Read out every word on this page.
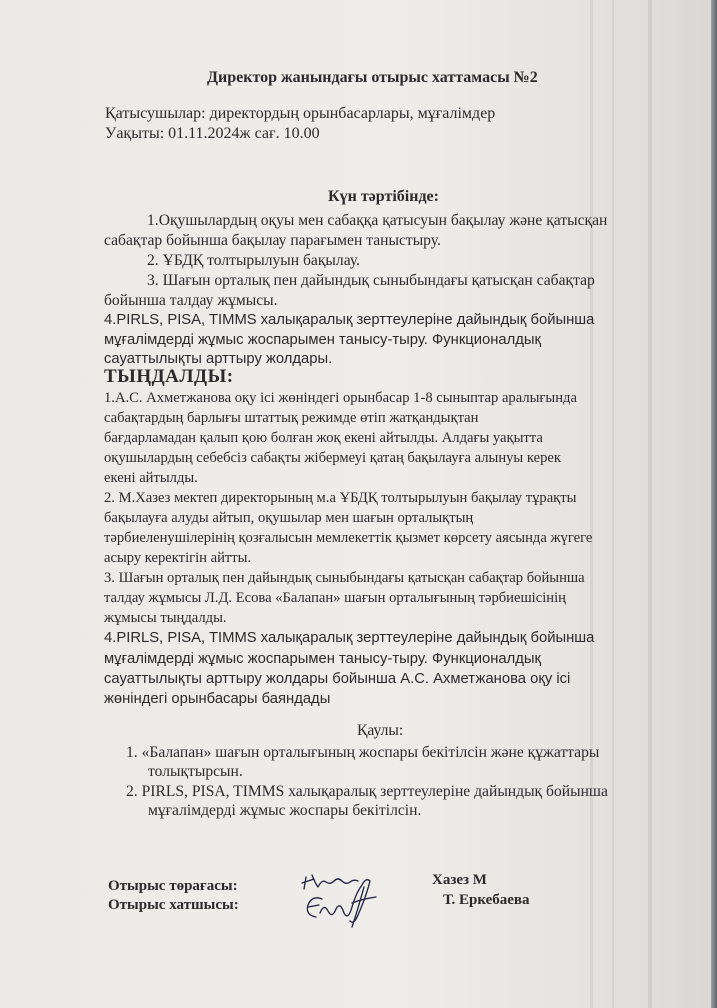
Директор жанындағы отырыс хаттамасы №2
Қатысушылар: директордың орынбасарлары, мұғалімдер
Уақыты: 01.11.2024ж сағ. 10.00
Күн тәртібінде:
1.Оқушылардың оқуы мен сабаққа қатысуын бақылау және қатысқан
сабақтар бойынша бақылау парағымен таныстыру.
2. ҰБДҚ толтырылуын бақылау.
3. Шағын орталық пен дайындық сыныбындағы қатысқан сабақтар
бойынша талдау жұмысы.
4.PIRLS, PISA, TIMMS халықаралық зерттеулеріне дайындық бойынша
мұғалімдерді жұмыс жоспарымен танысу-тыру. Функционалдық
сауаттылықты арттыру жолдары.
ТЫҢДАЛДЫ:
1.А.С. Ахметжанова оқу ісі жөніндегі орынбасар 1-8 сыныптар аралығында
сабақтардың барлығы штаттық режимде өтіп жатқандықтан
бағдарламадан қалып қою болған жоқ екені айтылды. Алдағы уақытта
оқушылардың себебсіз сабақты жібермеуі қатаң бақылауға алынуы керек
екені айтылды.
2. М.Хазез мектеп директорының м.а ҰБДҚ толтырылуын бақылау тұрақты
бақылауға алуды айтып, оқушылар мен шағын орталықтың
тәрбиеленушілерінің қозғалысын мемлекеттік қызмет көрсету аясында жүгеге
асыру керектігін айтты.
3. Шағын орталық пен дайындық сыныбындағы қатысқан сабақтар бойынша
талдау жұмысы Л.Д. Есова «Балапан» шағын орталығының тәрбиешісінің
жұмысы тыңдалды.
4.PIRLS, PISA, TIMMS халықаралық зерттеулеріне дайындық бойынша
мұғалімдерді жұмыс жоспарымен танысу-тыру. Функционалдық
сауаттылықты арттыру жолдары бойынша А.С. Ахметжанова оқу ісі
жөніндегі орынбасары баяндады
Қаулы:
1. «Балапан» шағын орталығының жоспары бекітілсін және құжаттары
толықтырсын.
2. PIRLS, PISA, TIMMS халықаралық зерттеулеріне дайындық бойынша
мұғалімдерді жұмыс жоспары бекітілсін.
Отырыс төрағасы:
Отырыс хатшысы:
Хазез М
Т. Еркебаева
